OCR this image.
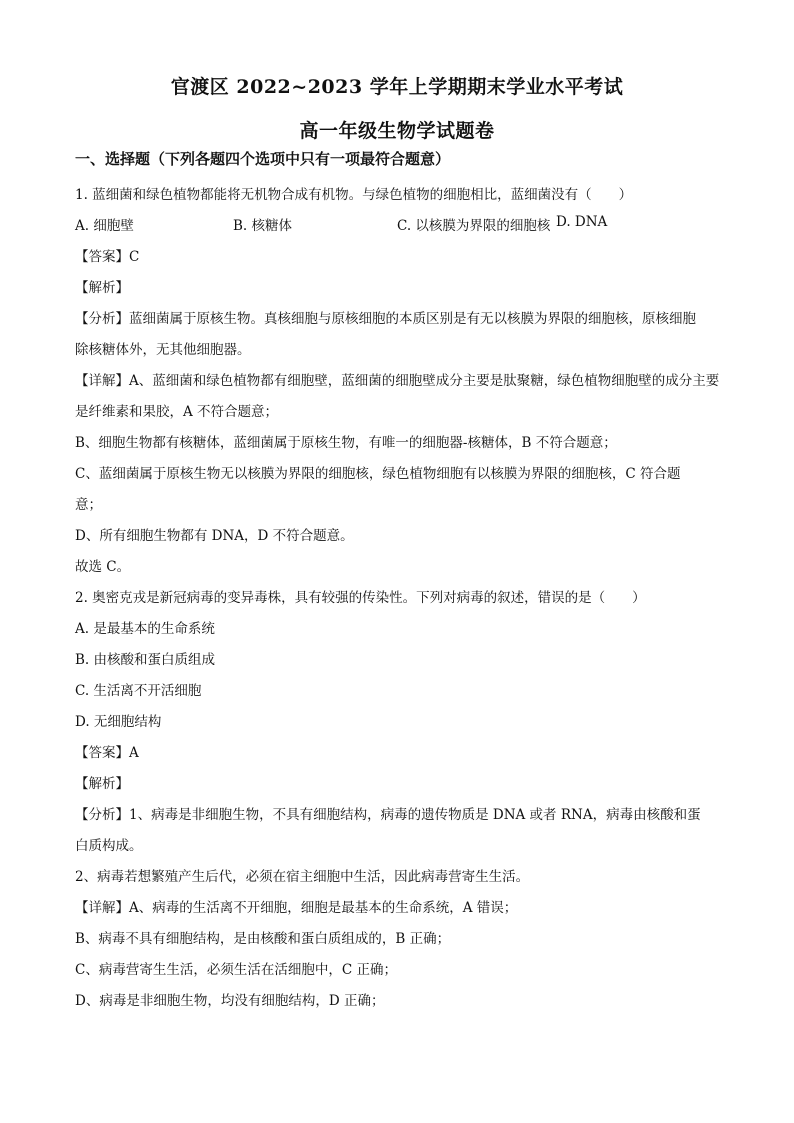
官渡区 2022~2023 学年上学期期末学业水平考试
高一年级生物学试题卷
一、选择题（下列各题四个选项中只有一项最符合题意）
1. 蓝细菌和绿色植物都能将无机物合成有机物。与绿色植物的细胞相比，蓝细菌没有（　　）
A. 细胞壁	B. 核糖体	C. 以核膜为界限的细胞核 D. DNA
【答案】C
【解析】
【分析】蓝细菌属于原核生物。真核细胞与原核细胞的本质区别是有无以核膜为界限的细胞核，原核细胞
除核糖体外，无其他细胞器。
【详解】A、蓝细菌和绿色植物都有细胞壁，蓝细菌的细胞壁成分主要是肽聚糖，绿色植物细胞壁的成分主要
是纤维素和果胶，A 不符合题意；
B、细胞生物都有核糖体，蓝细菌属于原核生物，有唯一的细胞器-核糖体，B 不符合题意；
C、蓝细菌属于原核生物无以核膜为界限的细胞核，绿色植物细胞有以核膜为界限的细胞核，C 符合题
意；
D、所有细胞生物都有 DNA，D 不符合题意。
故选 C。
2. 奥密克戎是新冠病毒的变异毒株，具有较强的传染性。下列对病毒的叙述，错误的是（　　）
A. 是最基本的生命系统
B. 由核酸和蛋白质组成
C. 生活离不开活细胞
D. 无细胞结构
【答案】A
【解析】
【分析】1、病毒是非细胞生物，不具有细胞结构，病毒的遗传物质是 DNA 或者 RNA，病毒由核酸和蛋
白质构成。
2、病毒若想繁殖产生后代，必须在宿主细胞中生活，因此病毒营寄生生活。
【详解】A、病毒的生活离不开细胞，细胞是最基本的生命系统，A 错误；
B、病毒不具有细胞结构，是由核酸和蛋白质组成的，B 正确；
C、病毒营寄生生活，必须生活在活细胞中，C 正确；
D、病毒是非细胞生物，均没有细胞结构，D 正确；
